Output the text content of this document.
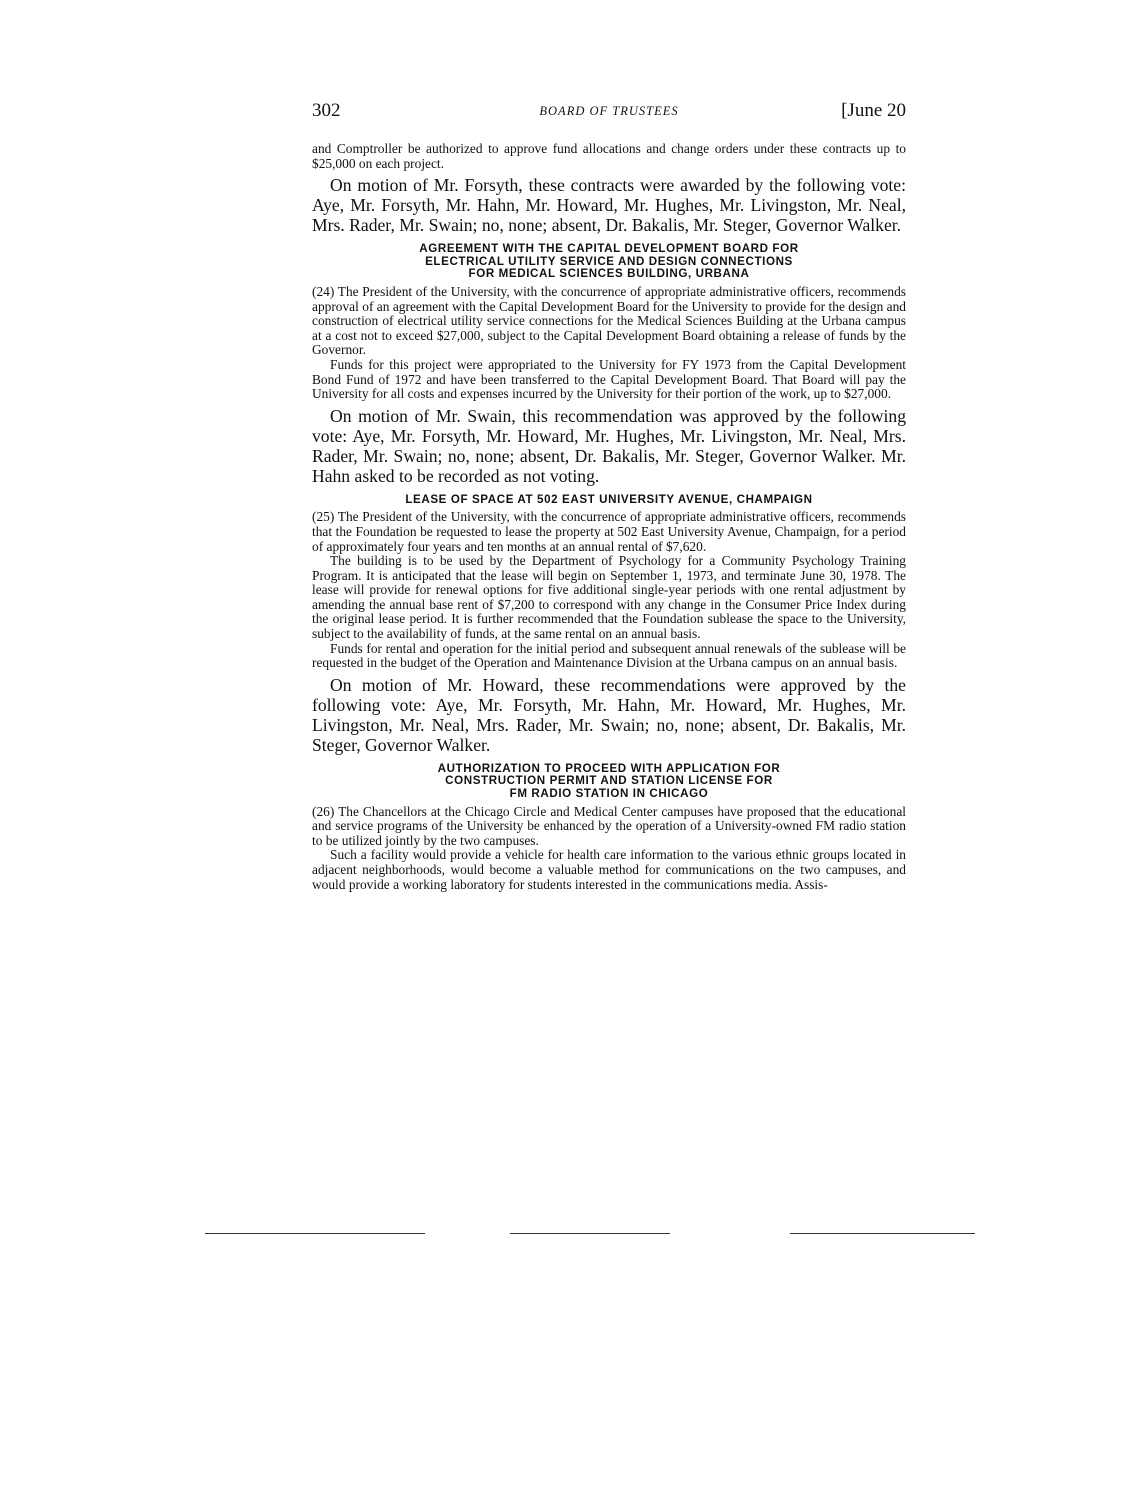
302	BOARD OF TRUSTEES	[June 20

and Comptroller be authorized to approve fund allocations and change orders under these contracts up to $25,000 on each project.

On motion of Mr. Forsyth, these contracts were awarded by the following vote: Aye, Mr. Forsyth, Mr. Hahn, Mr. Howard, Mr. Hughes, Mr. Livingston, Mr. Neal, Mrs. Rader, Mr. Swain; no, none; absent, Dr. Bakalis, Mr. Steger, Governor Walker.

AGREEMENT WITH THE CAPITAL DEVELOPMENT BOARD FOR
ELECTRICAL UTILITY SERVICE AND DESIGN CONNECTIONS
FOR MEDICAL SCIENCES BUILDING, URBANA

(24) The President of the University, with the concurrence of appropriate administrative officers, recommends approval of an agreement with the Capital Development Board for the University to provide for the design and construction of electrical utility service connections for the Medical Sciences Building at the Urbana campus at a cost not to exceed $27,000, subject to the Capital Development Board obtaining a release of funds by the Governor.

Funds for this project were appropriated to the University for FY 1973 from the Capital Development Bond Fund of 1972 and have been transferred to the Capital Development Board. That Board will pay the University for all costs and expenses incurred by the University for their portion of the work, up to $27,000.

On motion of Mr. Swain, this recommendation was approved by the following vote: Aye, Mr. Forsyth, Mr. Howard, Mr. Hughes, Mr. Livingston, Mr. Neal, Mrs. Rader, Mr. Swain; no, none; absent, Dr. Bakalis, Mr. Steger, Governor Walker. Mr. Hahn asked to be recorded as not voting.

LEASE OF SPACE AT 502 EAST UNIVERSITY AVENUE, CHAMPAIGN

(25) The President of the University, with the concurrence of appropriate administrative officers, recommends that the Foundation be requested to lease the property at 502 East University Avenue, Champaign, for a period of approximately four years and ten months at an annual rental of $7,620.

The building is to be used by the Department of Psychology for a Community Psychology Training Program. It is anticipated that the lease will begin on September 1, 1973, and terminate June 30, 1978. The lease will provide for renewal options for five additional single-year periods with one rental adjustment by amending the annual base rent of $7,200 to correspond with any change in the Consumer Price Index during the original lease period. It is further recommended that the Foundation sublease the space to the University, subject to the availability of funds, at the same rental on an annual basis.

Funds for rental and operation for the initial period and subsequent annual renewals of the sublease will be requested in the budget of the Operation and Maintenance Division at the Urbana campus on an annual basis.

On motion of Mr. Howard, these recommendations were approved by the following vote: Aye, Mr. Forsyth, Mr. Hahn, Mr. Howard, Mr. Hughes, Mr. Livingston, Mr. Neal, Mrs. Rader, Mr. Swain; no, none; absent, Dr. Bakalis, Mr. Steger, Governor Walker.

AUTHORIZATION TO PROCEED WITH APPLICATION FOR
CONSTRUCTION PERMIT AND STATION LICENSE FOR
FM RADIO STATION IN CHICAGO

(26) The Chancellors at the Chicago Circle and Medical Center campuses have proposed that the educational and service programs of the University be enhanced by the operation of a University-owned FM radio station to be utilized jointly by the two campuses.

Such a facility would provide a vehicle for health care information to the various ethnic groups located in adjacent neighborhoods, would become a valuable method for communications on the two campuses, and would provide a working laboratory for students interested in the communications media. Assis-
